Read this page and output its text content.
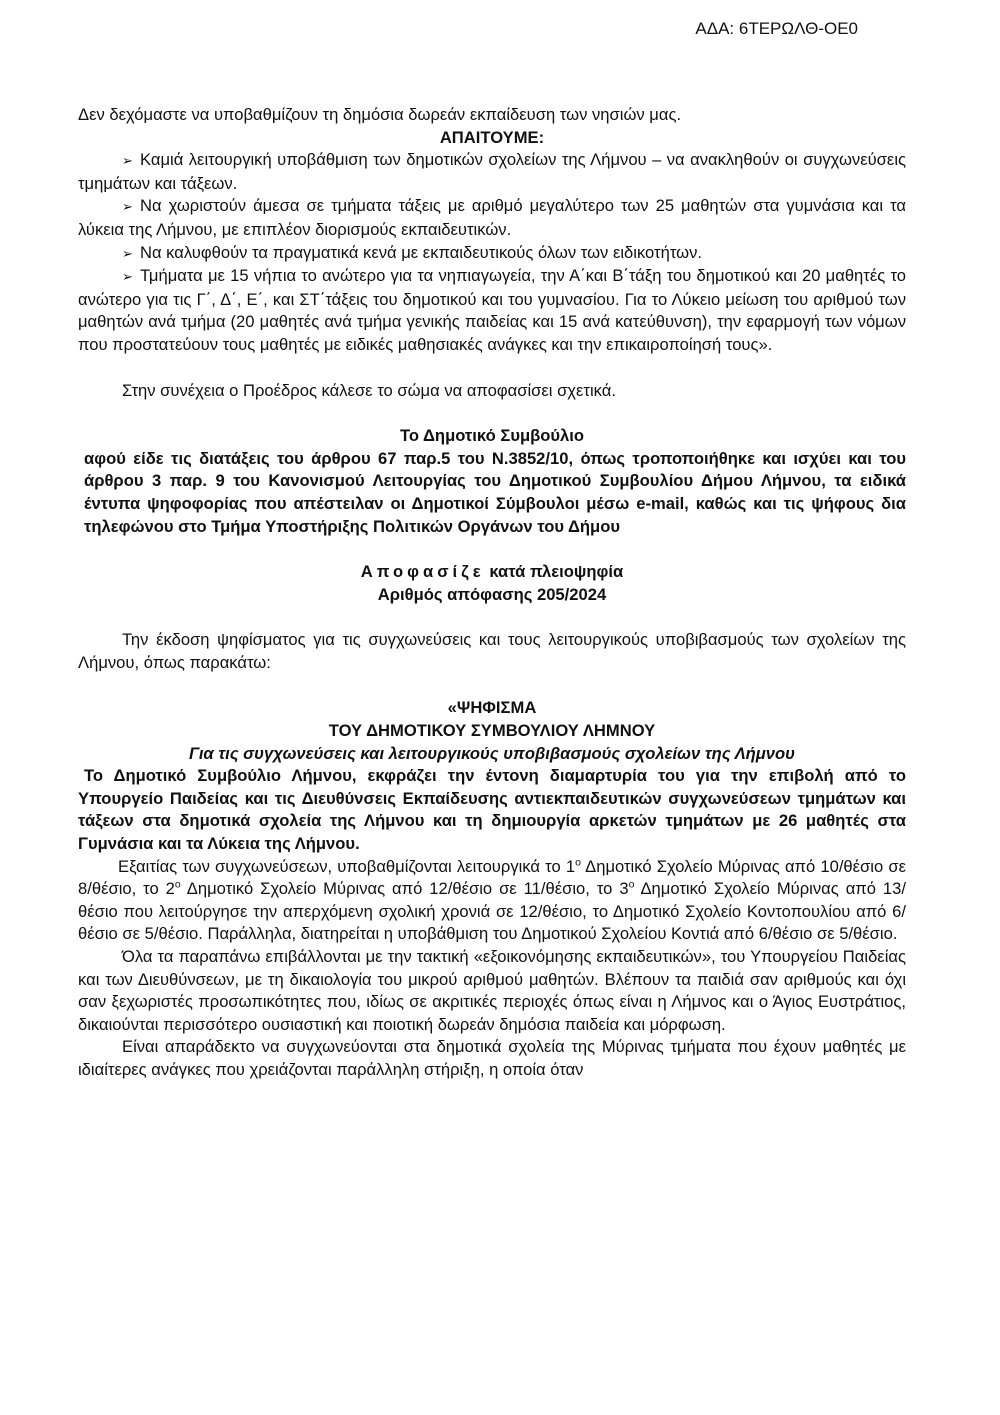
ΑΔΑ: 6ΤΕΡΩΛΘ-ΟΕ0

Δεν δεχόμαστε να υποβαθμίζουν τη δημόσια δωρεάν εκπαίδευση των νησιών μας.

ΑΠΑΙΤΟΥΜΕ:

➢ Καμιά λειτουργική υποβάθμιση των δημοτικών σχολείων της Λήμνου – να ανακληθούν οι συγχωνεύσεις τμημάτων και τάξεων.

➢ Να χωριστούν άμεσα σε τμήματα τάξεις με αριθμό μεγαλύτερο των 25 μαθητών στα γυμνάσια και τα λύκεια της Λήμνου, με επιπλέον διορισμούς εκπαιδευτικών.

➢ Να καλυφθούν τα πραγματικά κενά με εκπαιδευτικούς όλων των ειδικοτήτων.

➢ Τμήματα με 15 νήπια το ανώτερο για τα νηπιαγωγεία, την Α΄και Β΄τάξη του δημοτικού και 20 μαθητές το ανώτερο για τις Γ΄, Δ΄, Ε΄, και ΣΤ΄τάξεις του δημοτικού και του γυμνασίου. Για το Λύκειο μείωση του αριθμού των μαθητών ανά τμήμα (20 μαθητές ανά τμήμα γενικής παιδείας και 15 ανά κατεύθυνση), την εφαρμογή των νόμων που προστατεύουν τους μαθητές με ειδικές μαθησιακές ανάγκες και την επικαιροποίησή τους».

Στην συνέχεια ο Προέδρος κάλεσε το σώμα να αποφασίσει σχετικά.

Το Δημοτικό Συμβούλιο

αφού είδε τις διατάξεις του άρθρου 67 παρ.5 του Ν.3852/10, όπως τροποποιήθηκε και ισχύει και του άρθρου 3 παρ. 9 του Κανονισμού Λειτουργίας του Δημοτικού Συμβουλίου Δήμου Λήμνου, τα ειδικά έντυπα ψηφοφορίας που απέστειλαν οι Δημοτικοί Σύμβουλοι μέσω e-mail, καθώς και τις ψήφους δια τηλεφώνου στο Τμήμα Υποστήριξης Πολιτικών Οργάνων του Δήμου

Αποφασίζε κατά πλειοψηφία

Αριθμός απόφασης 205/2024

Την έκδοση ψηφίσματος για τις συγχωνεύσεις και τους λειτουργικούς υποβιβασμούς των σχολείων της Λήμνου, όπως παρακάτω:

«ΨΗΦΙΣΜΑ

ΤΟΥ ΔΗΜΟΤΙΚΟΥ ΣΥΜΒΟΥΛΙΟΥ ΛΗΜΝΟΥ

Για τις συγχωνεύσεις και λειτουργικούς υποβιβασμούς σχολείων της Λήμνου

Το Δημοτικό Συμβούλιο Λήμνου, εκφράζει την έντονη διαμαρτυρία του για την επιβολή από το Υπουργείο Παιδείας και τις Διευθύνσεις Εκπαίδευσης αντιεκπαιδευτικών συγχωνεύσεων τμημάτων και τάξεων στα δημοτικά σχολεία της Λήμνου και τη δημιουργία αρκετών τμημάτων με 26 μαθητές στα Γυμνάσια και τα Λύκεια της Λήμνου.

Εξαιτίας των συγχωνεύσεων, υποβαθμίζονται λειτουργικά το $1^o$ Δημοτικό Σχολείο Μύρινας από 10/θέσιο σε 8/θέσιο, το $2^o$ Δημοτικό Σχολείο Μύρινας από 12/θέσιο σε 11/θέσιο, το $3^o$ Δημοτικό Σχολείο Μύρινας από 13/θέσιο που λειτούργησε την απερχόμενη σχολική χρονιά σε 12/θέσιο, το Δημοτικό Σχολείο Κοντοπουλίου από 6/θέσιο σε 5/θέσιο. Παράλληλα, διατηρείται η υποβάθμιση του Δημοτικού Σχολείου Κοντιά από 6/θέσιο σε 5/θέσιο.

Όλα τα παραπάνω επιβάλλονται με την τακτική «εξοικονόμησης εκπαιδευτικών», του Υπουργείου Παιδείας και των Διευθύνσεων, με τη δικαιολογία του μικρού αριθμού μαθητών. Βλέπουν τα παιδιά σαν αριθμούς και όχι σαν ξεχωριστές προσωπικότητες που, ιδίως σε ακριτικές περιοχές όπως είναι η Λήμνος και ο Άγιος Ευστράτιος, δικαιούνται περισσότερο ουσιαστική και ποιοτική δωρεάν δημόσια παιδεία και μόρφωση.

Είναι απαράδεκτο να συγχωνεύονται στα δημοτικά σχολεία της Μύρινας τμήματα που έχουν μαθητές με ιδιαίτερες ανάγκες που χρειάζονται παράλληλη στήριξη, η οποία όταν
